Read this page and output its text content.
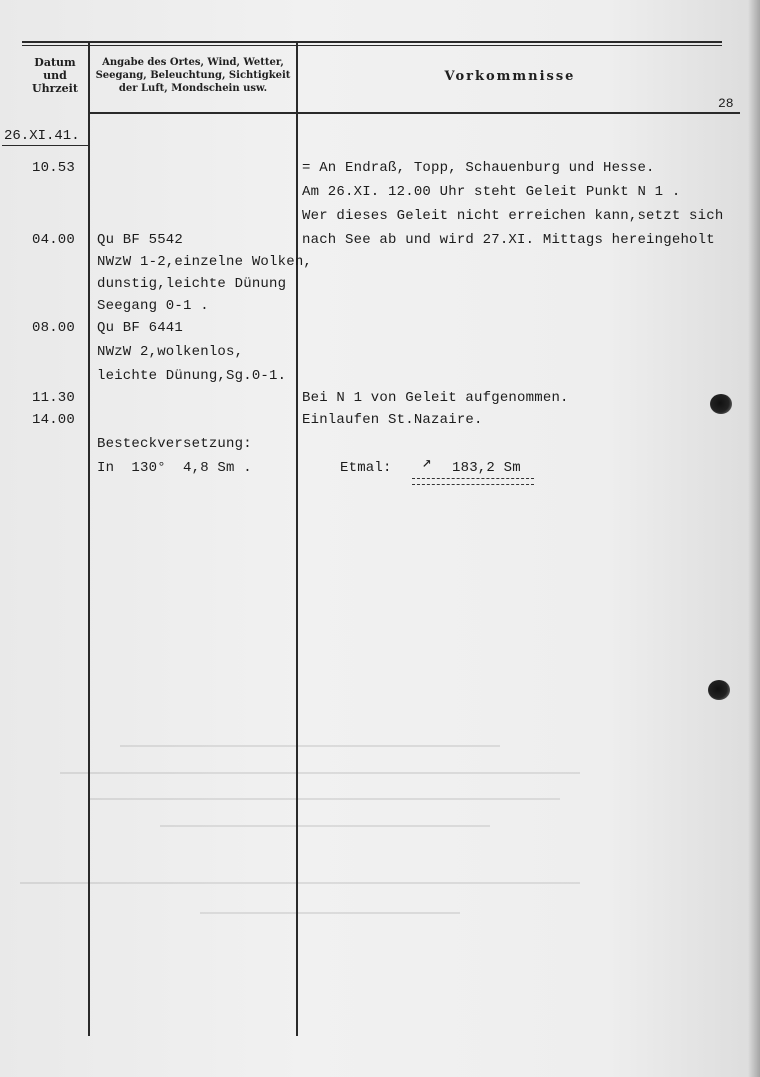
Datum
und
Uhrzeit
Angabe des Ortes, Wind, Wetter,
Seegang, Beleuchtung, Sichtigkeit
der Luft, Mondschein usw.
Vorkommnisse
28
26.XI.41.
10.53
04.00
08.00
11.30
14.00
Qu BF 5542
NWzW 1-2,einzelne Wolken,
dunstig,leichte Dünung
Seegang 0-1 .
Qu BF 6441
NWzW 2,wolkenlos,
leichte Dünung,Sg.0-1.
Besteckversetzung:
In  130°  4,8 Sm .
= An Endraß, Topp, Schauenburg und Hesse.
Am 26.XI. 12.00 Uhr steht Geleit Punkt N 1 .
Wer dieses Geleit nicht erreichen kann,setzt sich
nach See ab und wird 27.XI. Mittags hereingeholt
Bei N 1 von Geleit aufgenommen.
Einlaufen St.Nazaire.
Etmal: ↗ 183,2 Sm
